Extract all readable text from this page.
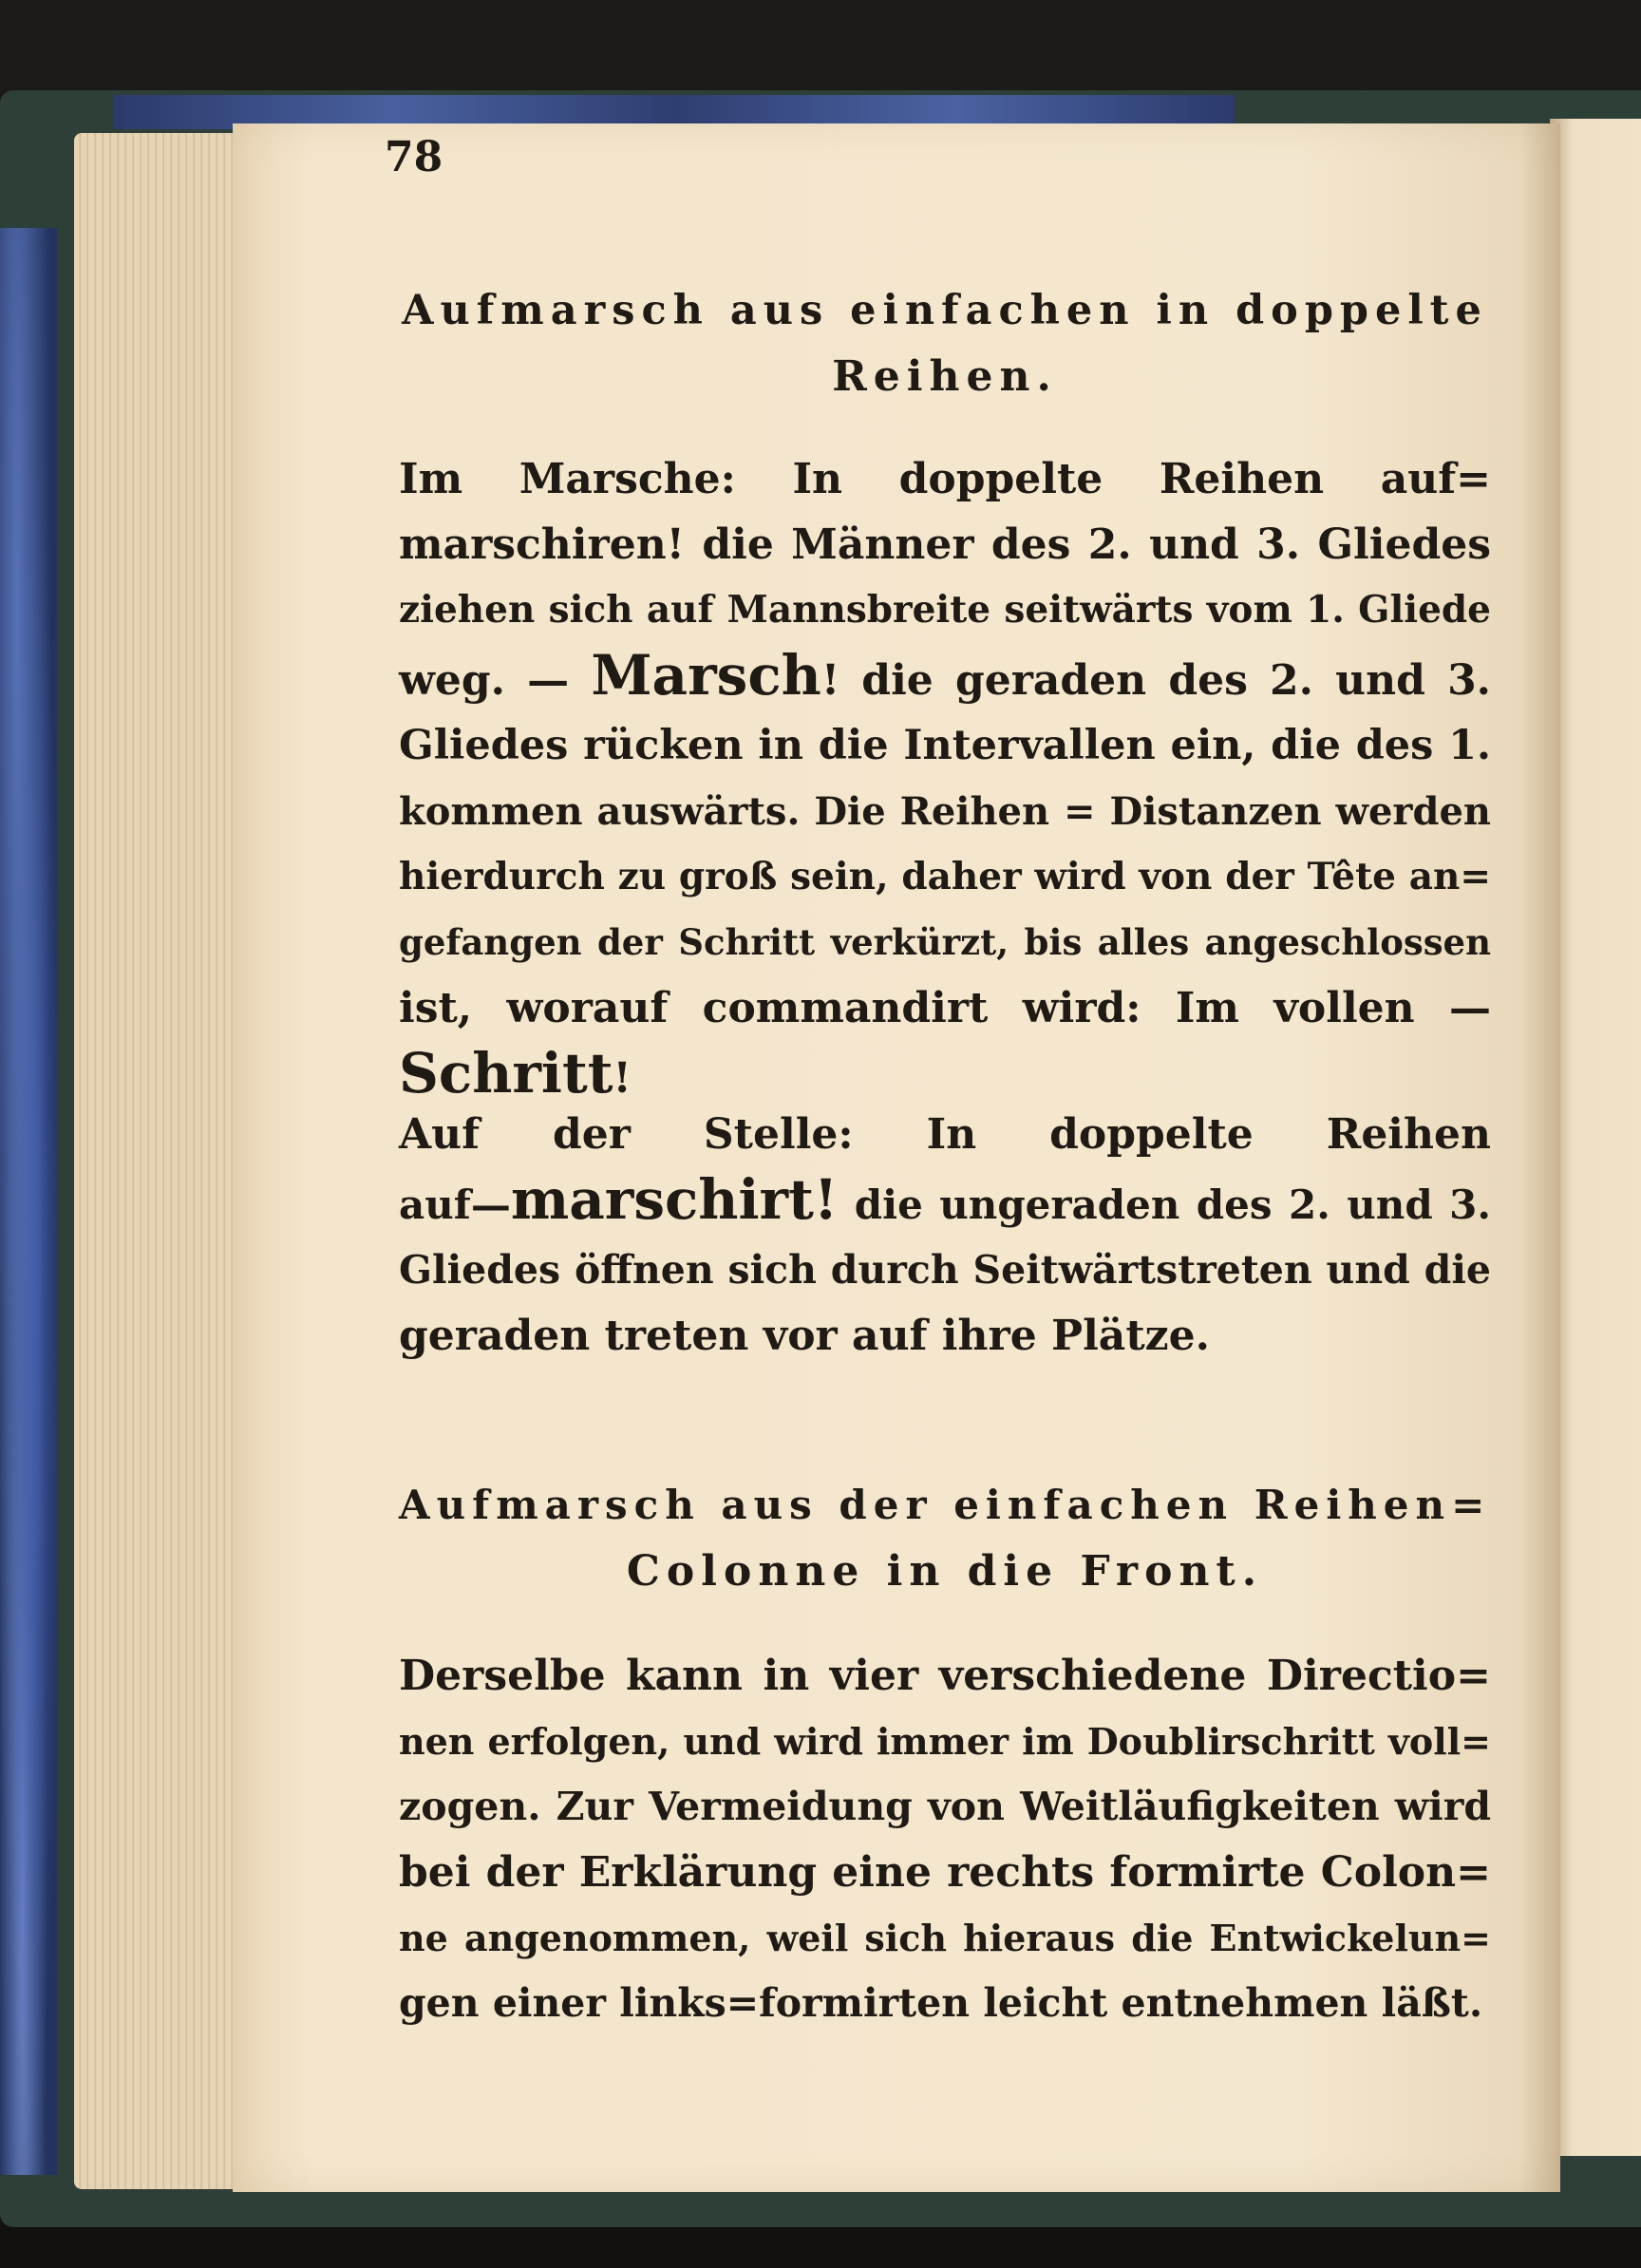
78
Aufmarsch aus einfachen in doppelte
Reihen.
Im Marsche: In doppelte Reihen auf=
marschiren! die Männer des 2. und 3. Gliedes
ziehen sich auf Mannsbreite seitwärts vom 1. Gliede
weg. — Marsch! die geraden des 2. und 3.
Gliedes rücken in die Intervallen ein, die des 1.
kommen auswärts. Die Reihen = Distanzen werden
hierdurch zu groß sein, daher wird von der Tête an=
gefangen der Schritt verkürzt, bis alles angeschlossen
ist, worauf commandirt wird: Im vollen —
Schritt!
Auf der Stelle: In doppelte Reihen
auf—marschirt! die ungeraden des 2. und 3.
Gliedes öffnen sich durch Seitwärtstreten und die
geraden treten vor auf ihre Plätze.
Aufmarsch aus der einfachen Reihen=
Colonne in die Front.
Derselbe kann in vier verschiedene Directio=
nen erfolgen, und wird immer im Doublirschritt voll=
zogen. Zur Vermeidung von Weitläufigkeiten wird
bei der Erklärung eine rechts formirte Colon=
ne angenommen, weil sich hieraus die Entwickelun=
gen einer links=formirten leicht entnehmen läßt.
